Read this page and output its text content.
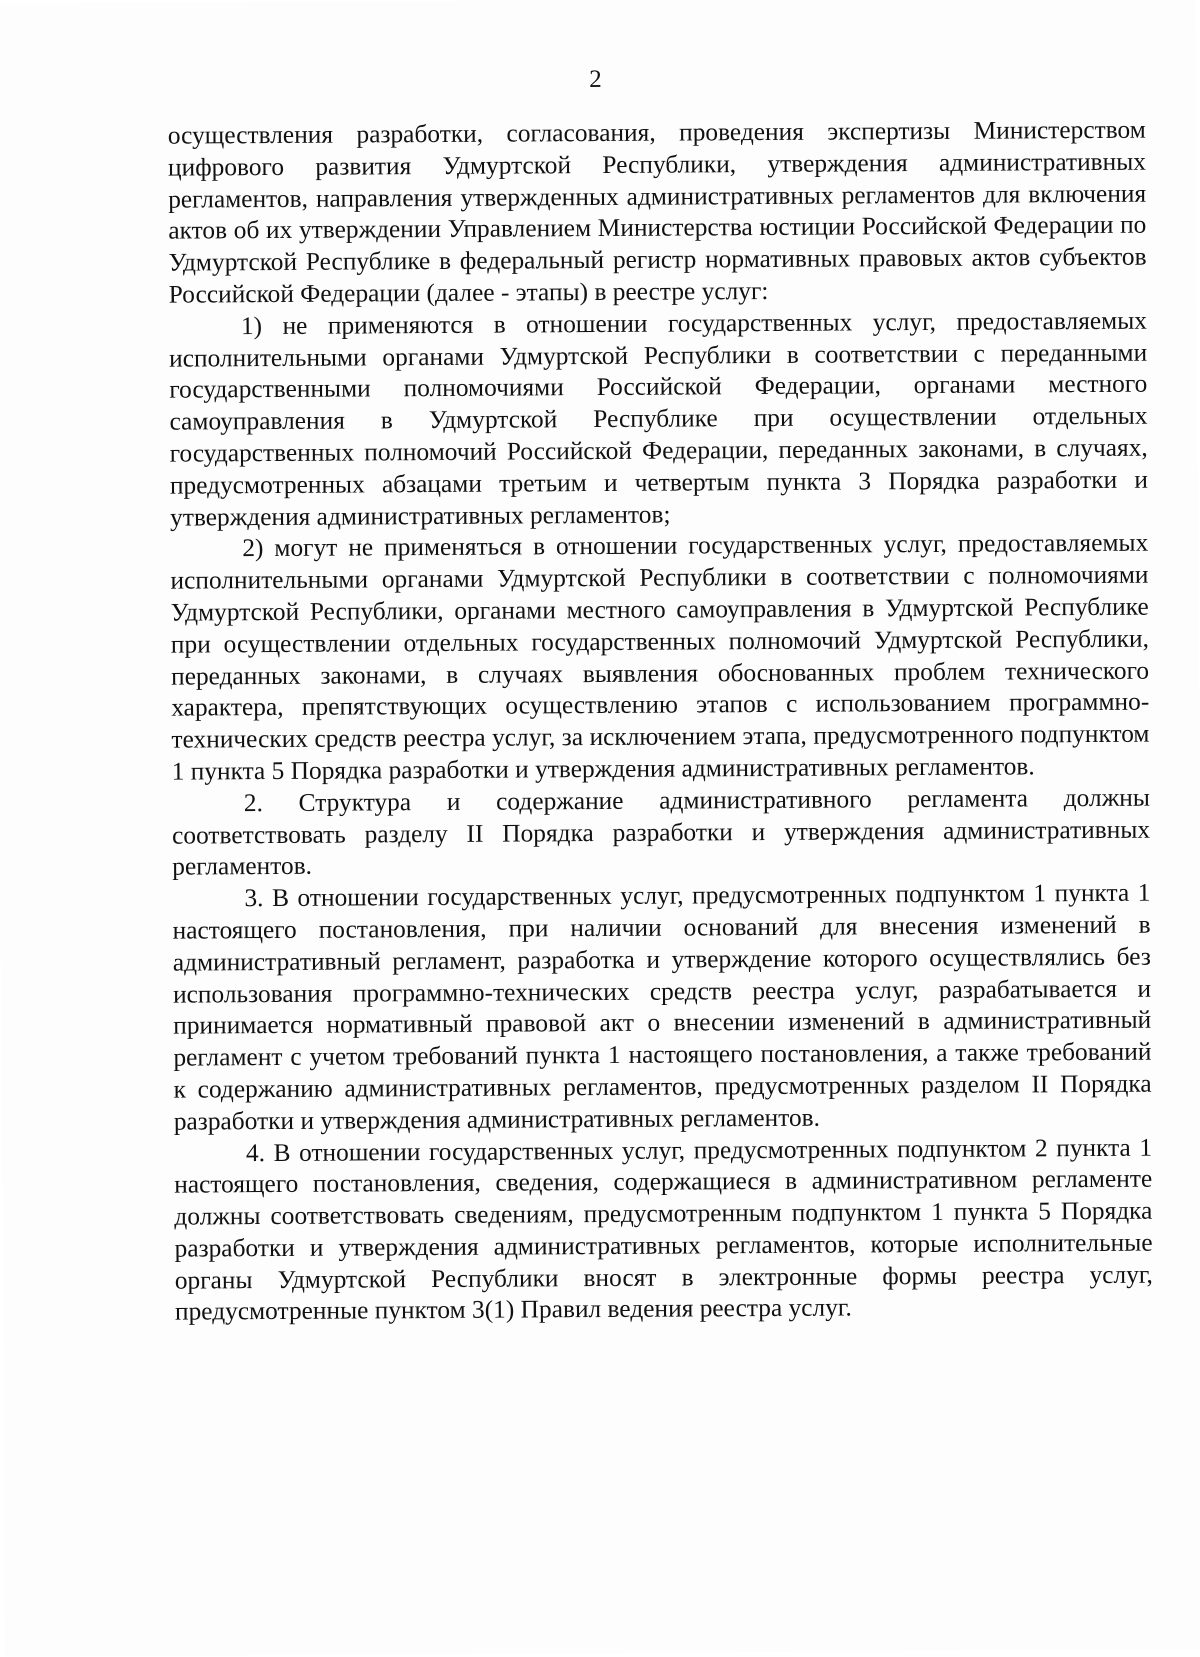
2

осуществления разработки, согласования, проведения экспертизы Министерством цифрового развития Удмуртской Республики, утверждения административных регламентов, направления утвержденных административных регламентов для включения актов об их утверждении Управлением Министерства юстиции Российской Федерации по Удмуртской Республике в федеральный регистр нормативных правовых актов субъектов Российской Федерации (далее - этапы) в реестре услуг:

1) не применяются в отношении государственных услуг, предоставляемых исполнительными органами Удмуртской Республики в соответствии с переданными государственными полномочиями Российской Федерации, органами местного самоуправления в Удмуртской Республике при осуществлении отдельных государственных полномочий Российской Федерации, переданных законами, в случаях, предусмотренных абзацами третьим и четвертым пункта 3 Порядка разработки и утверждения административных регламентов;

2) могут не применяться в отношении государственных услуг, предоставляемых исполнительными органами Удмуртской Республики в соответствии с полномочиями Удмуртской Республики, органами местного самоуправления в Удмуртской Республике при осуществлении отдельных государственных полномочий Удмуртской Республики, переданных законами, в случаях выявления обоснованных проблем технического характера, препятствующих осуществлению этапов с использованием программно-технических средств реестра услуг, за исключением этапа, предусмотренного подпунктом 1 пункта 5 Порядка разработки и утверждения административных регламентов.

2. Структура и содержание административного регламента должны соответствовать разделу II Порядка разработки и утверждения административных регламентов.

3. В отношении государственных услуг, предусмотренных подпунктом 1 пункта 1 настоящего постановления, при наличии оснований для внесения изменений в административный регламент, разработка и утверждение которого осуществлялись без использования программно-технических средств реестра услуг, разрабатывается и принимается нормативный правовой акт о внесении изменений в административный регламент с учетом требований пункта 1 настоящего постановления, а также требований к содержанию административных регламентов, предусмотренных разделом II Порядка разработки и утверждения административных регламентов.

4. В отношении государственных услуг, предусмотренных подпунктом 2 пункта 1 настоящего постановления, сведения, содержащиеся в административном регламенте должны соответствовать сведениям, предусмотренным подпунктом 1 пункта 5 Порядка разработки и утверждения административных регламентов, которые исполнительные органы Удмуртской Республики вносят в электронные формы реестра услуг, предусмотренные пунктом 3(1) Правил ведения реестра услуг.
